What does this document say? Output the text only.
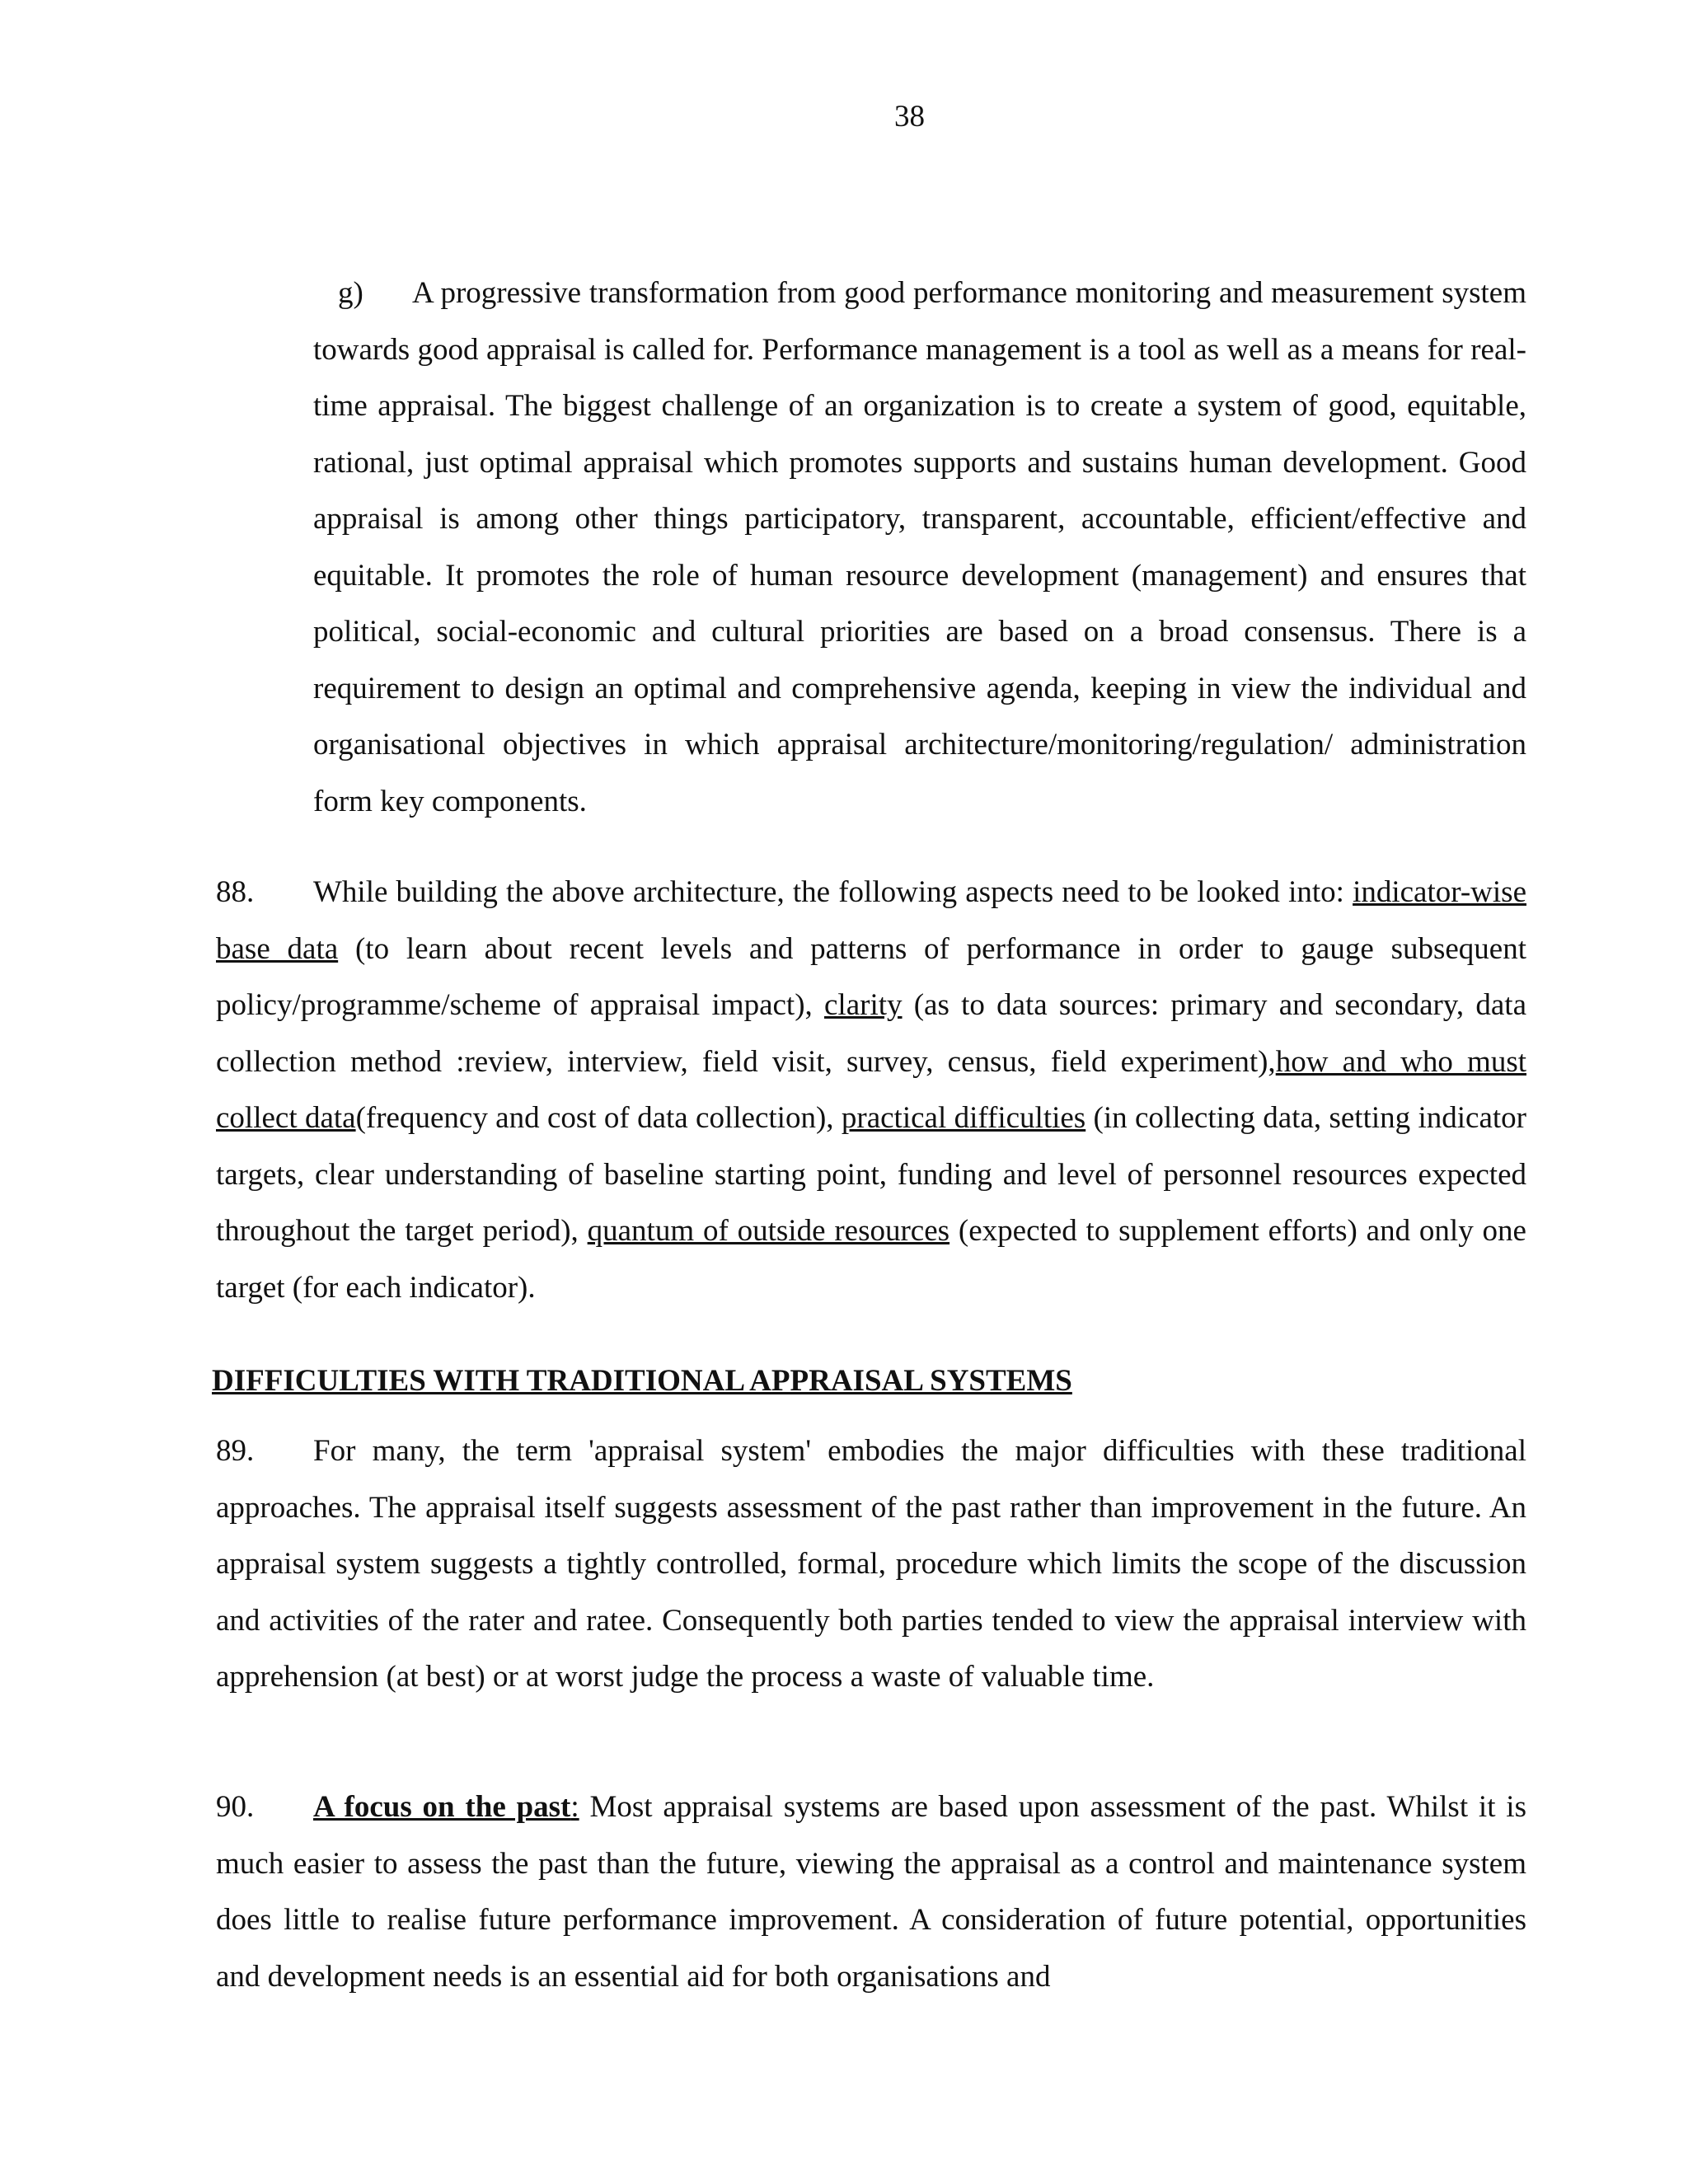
38

g) A progressive transformation from good performance monitoring and measurement system towards good appraisal is called for. Performance management is a tool as well as a means for real-time appraisal. The biggest challenge of an organization is to create a system of good, equitable, rational, just optimal appraisal which promotes supports and sustains human development. Good appraisal is among other things participatory, transparent, accountable, efficient/effective and equitable. It promotes the role of human resource development (management) and ensures that political, social-economic and cultural priorities are based on a broad consensus. There is a requirement to design an optimal and comprehensive agenda, keeping in view the individual and organisational objectives in which appraisal architecture/monitoring/regulation/ administration form key components.

88. While building the above architecture, the following aspects need to be looked into: indicator-wise base data (to learn about recent levels and patterns of performance in order to gauge subsequent policy/programme/scheme of appraisal impact), clarity (as to data sources: primary and secondary, data collection method :review, interview, field visit, survey, census, field experiment),how and who must collect data(frequency and cost of data collection), practical difficulties (in collecting data, setting indicator targets, clear understanding of baseline starting point, funding and level of personnel resources expected throughout the target period), quantum of outside resources (expected to supplement efforts) and only one target (for each indicator).

DIFFICULTIES WITH TRADITIONAL APPRAISAL SYSTEMS

89. For many, the term 'appraisal system' embodies the major difficulties with these traditional approaches. The appraisal itself suggests assessment of the past rather than improvement in the future. An appraisal system suggests a tightly controlled, formal, procedure which limits the scope of the discussion and activities of the rater and ratee. Consequently both parties tended to view the appraisal interview with apprehension (at best) or at worst judge the process a waste of valuable time.

90. A focus on the past: Most appraisal systems are based upon assessment of the past. Whilst it is much easier to assess the past than the future, viewing the appraisal as a control and maintenance system does little to realise future performance improvement. A consideration of future potential, opportunities and development needs is an essential aid for both organisations and
